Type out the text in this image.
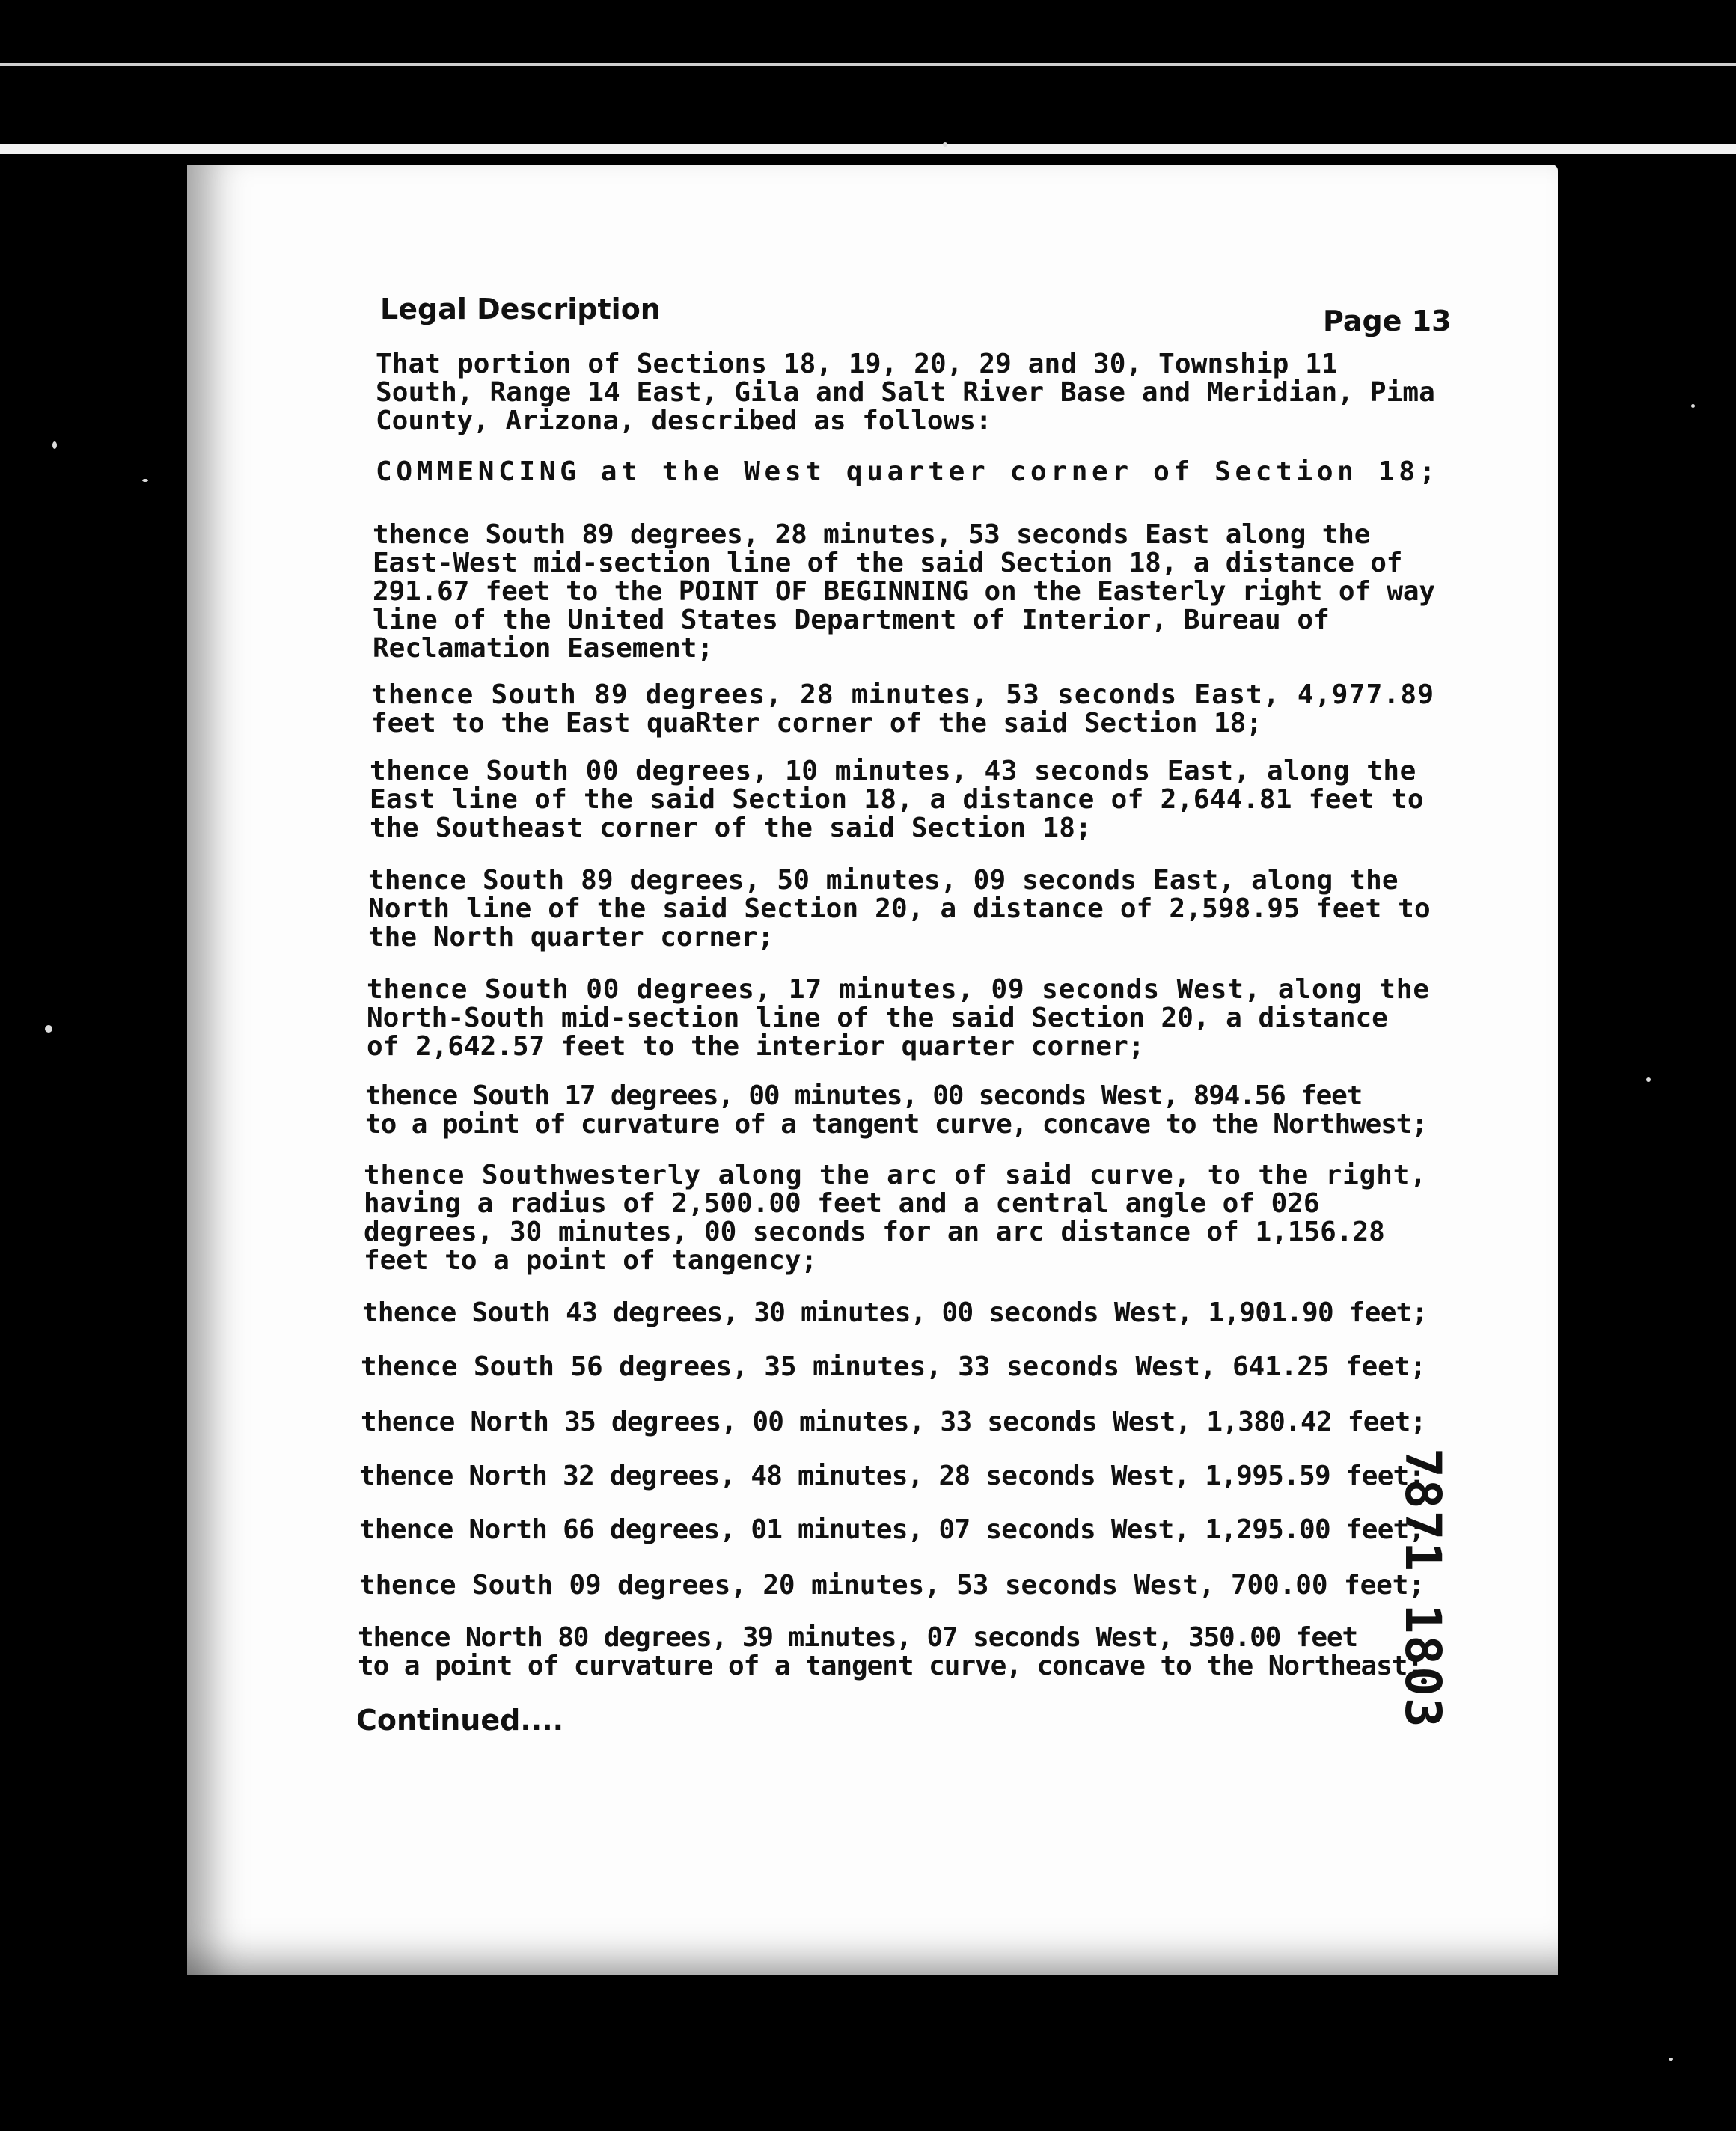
Legal Description	Page 13
That portion of Sections 18, 19, 20, 29 and 30, Township 11
South, Range 14 East, Gila and Salt River Base and Meridian, Pima
County, Arizona, described as follows:
COMMENCING at the West quarter corner of Section 18;
thence South 89 degrees, 28 minutes, 53 seconds East along the
East-West mid-section line of the said Section 18, a distance of
291.67 feet to the POINT OF BEGINNING on the Easterly right of way
line of the United States Department of Interior, Bureau of
Reclamation Easement;
thence South 89 degrees, 28 minutes, 53 seconds East, 4,977.89
feet to the East quaRter corner of the said Section 18;
thence South 00 degrees, 10 minutes, 43 seconds East, along the
East line of the said Section 18, a distance of 2,644.81 feet to
the Southeast corner of the said Section 18;
thence South 89 degrees, 50 minutes, 09 seconds East, along the
North line of the said Section 20, a distance of 2,598.95 feet to
the North quarter corner;
thence South 00 degrees, 17 minutes, 09 seconds West, along the
North-South mid-section line of the said Section 20, a distance
of 2,642.57 feet to the interior quarter corner;
thence South 17 degrees, 00 minutes, 00 seconds West, 894.56 feet
to a point of curvature of a tangent curve, concave to the Northwest;
thence Southwesterly along the arc of said curve, to the right,
having a radius of 2,500.00 feet and a central angle of 026
degrees, 30 minutes, 00 seconds for an arc distance of 1,156.28
feet to a point of tangency;
thence South 43 degrees, 30 minutes, 00 seconds West, 1,901.90 feet;
thence South 56 degrees, 35 minutes, 33 seconds West, 641.25 feet;
thence North 35 degrees, 00 minutes, 33 seconds West, 1,380.42 feet;
thence North 32 degrees, 48 minutes, 28 seconds West, 1,995.59 feet;
thence North 66 degrees, 01 minutes, 07 seconds West, 1,295.00 feet;
thence South 09 degrees, 20 minutes, 53 seconds West, 700.00 feet;
thence North 80 degrees, 39 minutes, 07 seconds West, 350.00 feet
to a point of curvature of a tangent curve, concave to the Northeast;
Continued....	7871 1803
